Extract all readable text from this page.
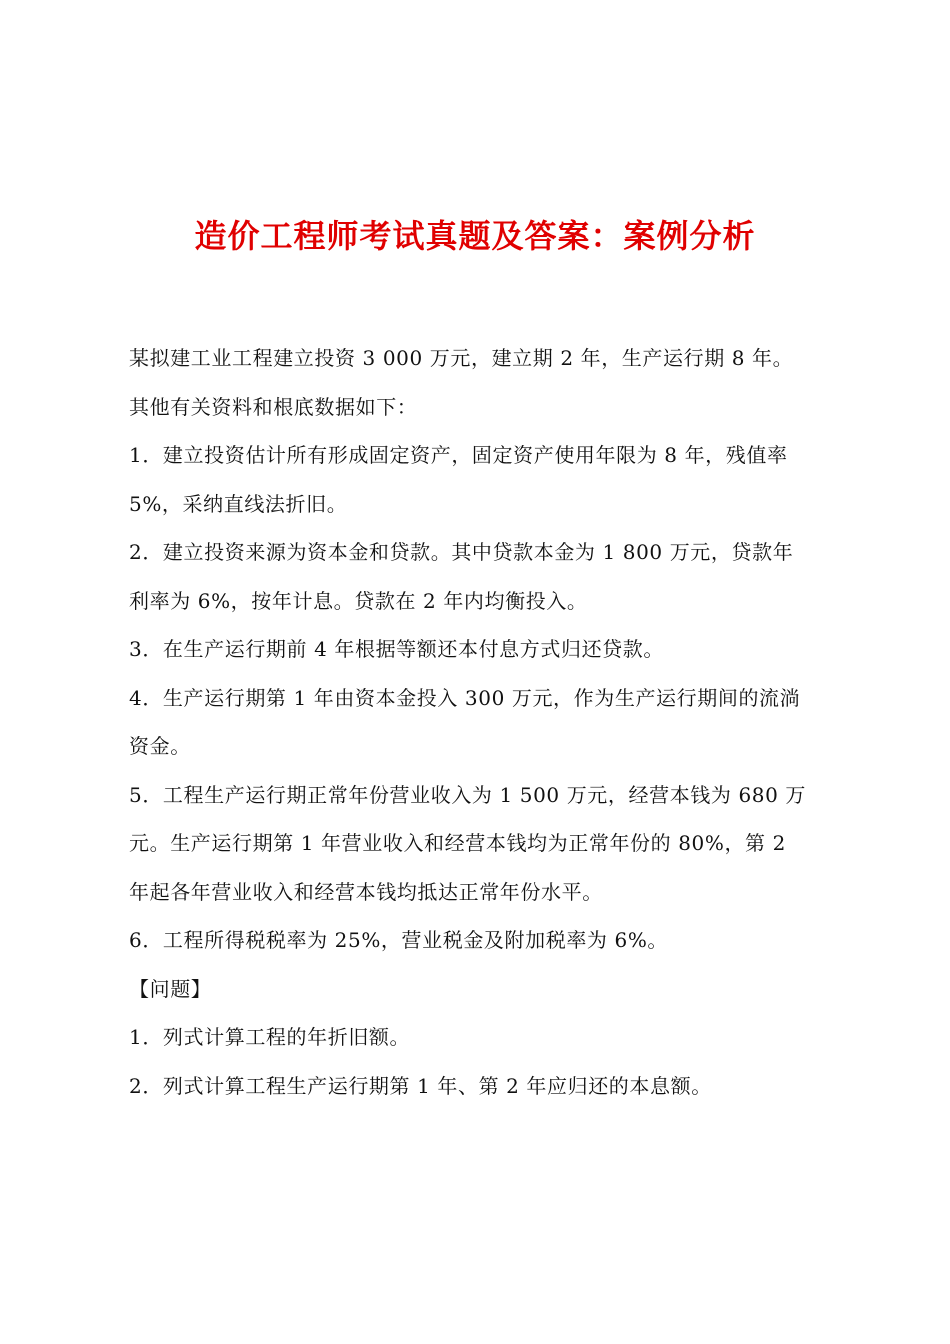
造价工程师考试真题及答案：案例分析
某拟建工业工程建立投资 3 000 万元，建立期 2 年，生产运行期 8 年。
其他有关资料和根底数据如下：
1．建立投资估计所有形成固定资产，固定资产使用年限为 8 年，残值率
5%，采纳直线法折旧。
2．建立投资来源为资本金和贷款。其中贷款本金为 1 800 万元，贷款年
利率为 6%，按年计息。贷款在 2 年内均衡投入。
3．在生产运行期前 4 年根据等额还本付息方式归还贷款。
4．生产运行期第 1 年由资本金投入 300 万元，作为生产运行期间的流淌
资金。
5．工程生产运行期正常年份营业收入为 1 500 万元，经营本钱为 680 万
元。生产运行期第 1 年营业收入和经营本钱均为正常年份的 80%，第 2
年起各年营业收入和经营本钱均抵达正常年份水平。
6．工程所得税税率为 25%，营业税金及附加税率为 6%。
【问题】
1．列式计算工程的年折旧额。
2．列式计算工程生产运行期第 1 年、第 2 年应归还的本息额。
